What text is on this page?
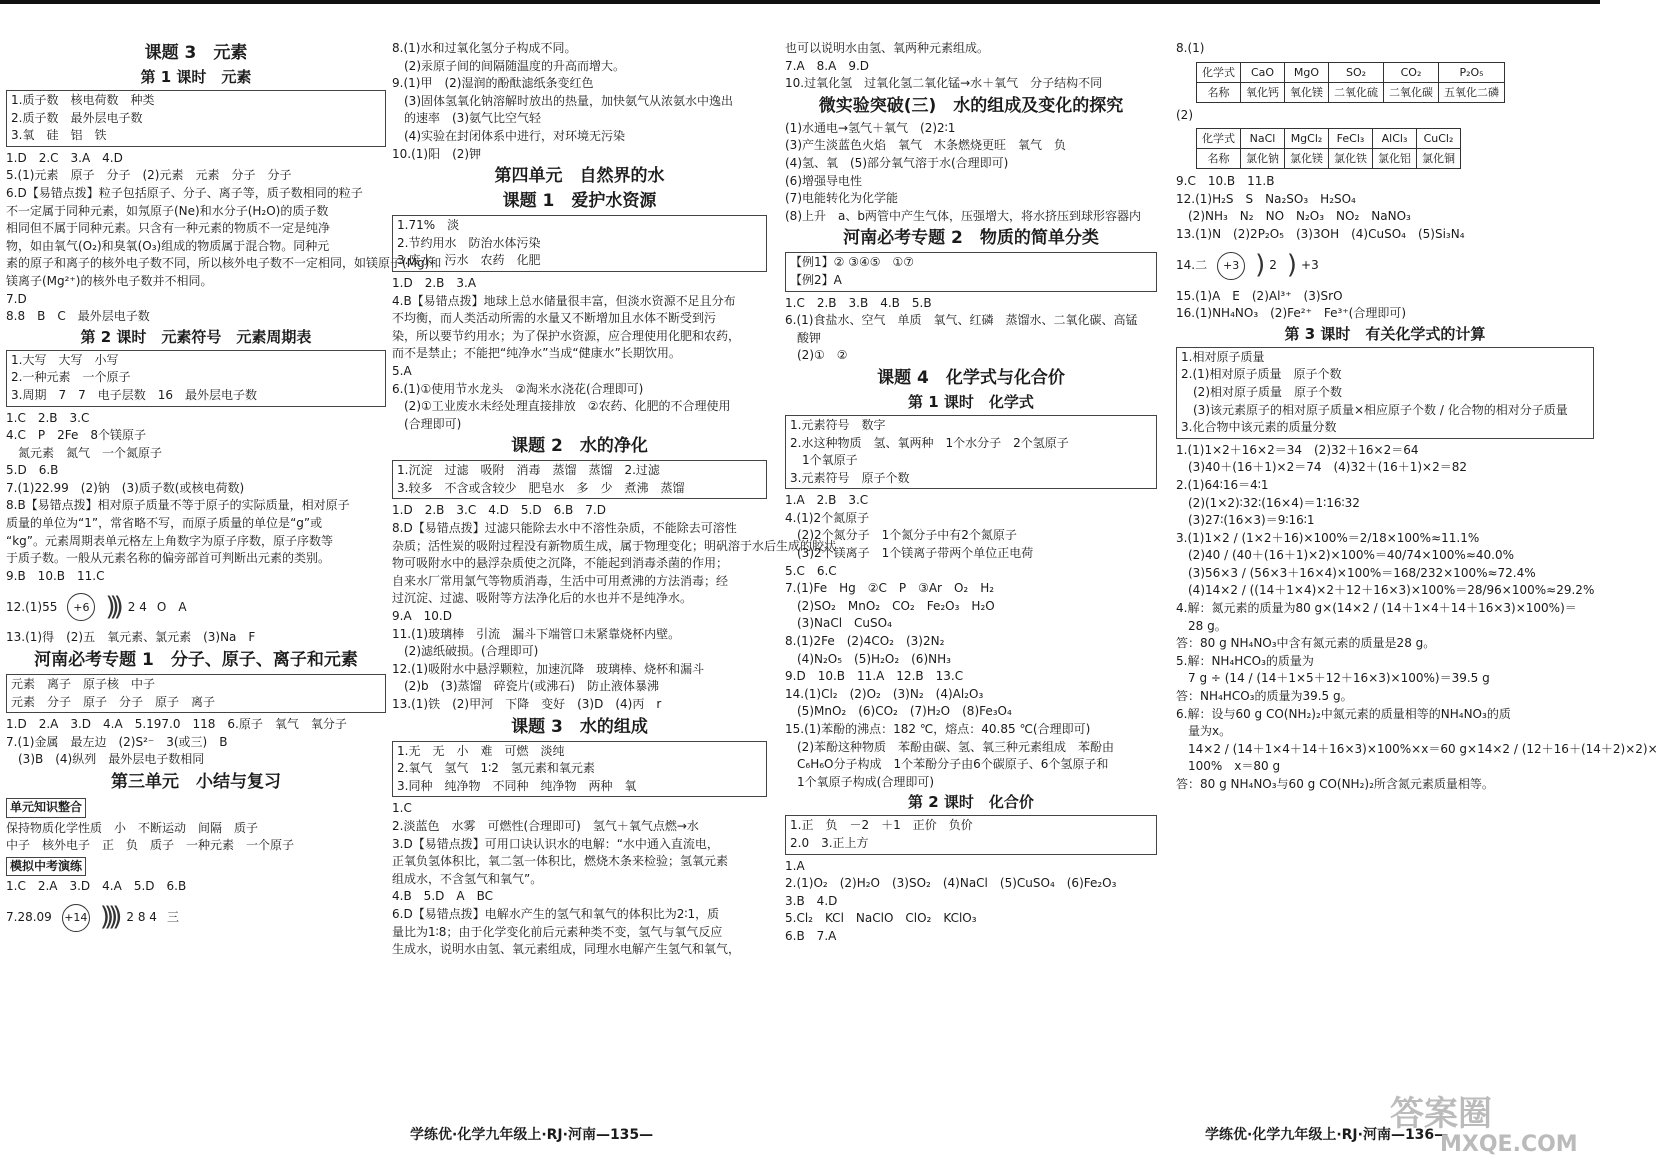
课题 3　元素
第 1 课时　元素
1.质子数　核电荷数　种类
2.质子数　最外层电子数
3.氧　硅　铝　铁
1.D　2.C　3.A　4.D
5.(1)元素　原子　分子　(2)元素　元素　分子　分子
6.D【易错点拨】粒子包括原子、分子、离子等，质子数相同的粒子
不一定属于同种元素，如氖原子(Ne)和水分子(H₂O)的质子数
相同但不属于同种元素。只含有一种元素的物质不一定是纯净
物，如由氧气(O₂)和臭氧(O₃)组成的物质属于混合物。同种元
素的原子和离子的核外电子数不同，所以核外电子数不一定相同，如镁原子(Mg)和
镁离子(Mg²⁺)的核外电子数并不相同。
7.D
8.8　B　C　最外层电子数
第 2 课时　元素符号　元素周期表
1.大写　大写　小写
2.一种元素　一个原子
3.周期　7　7　电子层数　16　最外层电子数
1.C　2.B　3.C
4.C　P　2Fe　8个镁原子
　氮元素　氮气　一个氮原子
5.D　6.B
7.(1)22.99　(2)钠　(3)质子数(或核电荷数)
8.B【易错点拨】相对原子质量不等于原子的实际质量，相对原子
质量的单位为“1”，常省略不写，而原子质量的单位是“g”或
“kg”。元素周期表单元格左上角数字为原子序数，原子序数等
于质子数。一般从元素名称的偏旁部首可判断出元素的类别。
9.B　10.B　11.C
12.(1)55	+6 ))) 2 4 O　A
13.(1)得　(2)五　氧元素、氯元素　(3)Na　F
河南必考专题 1　分子、原子、离子和元素
元素　离子　原子核　中子
元素　分子　原子　分子　原子　离子
1.D　2.A　3.D　4.A　5.197.0　118　6.原子　氧气　氧分子
7.(1)金属　最左边　(2)S²⁻　3(或三)　B
　(3)B　(4)纵列　最外层电子数相同
第三单元　小结与复习
单元知识整合
保持物质化学性质　小　不断运动　间隔　质子
中子　核外电子　正　负　质子　一种元素　一个原子
模拟中考演练
1.C　2.A　3.D　4.A　5.D　6.B
7.28.09 +14 )))) 2 8 4 三
8.(1)水和过氧化氢分子构成不同。
　(2)汞原子间的间隔随温度的升高而增大。
9.(1)甲　(2)湿润的酚酞滤纸条变红色
　(3)固体氢氧化钠溶解时放出的热量，加快氨气从浓氨水中逸出
　的速率　(3)氨气比空气轻
　(4)实验在封闭体系中进行，对环境无污染
10.(1)阳　(2)钾
第四单元　自然界的水
课题 1　爱护水资源
1.71%　淡
2.节约用水　防治水体污染
3.废水　污水　农药　化肥
1.D　2.B　3.A
4.B【易错点拨】地球上总水储量很丰富，但淡水资源不足且分布
不均衡，而人类活动所需的水量又不断增加且水体不断受到污
染，所以要节约用水；为了保护水资源，应合理使用化肥和农药，
而不是禁止；不能把“纯净水”当成“健康水”长期饮用。
5.A
6.(1)①使用节水龙头　②淘米水浇花(合理即可)
　(2)①工业废水未经处理直接排放　②农药、化肥的不合理使用
　(合理即可)
课题 2　水的净化
1.沉淀　过滤　吸附　消毒　蒸馏　蒸馏　2.过滤
3.较多　不含或含较少　肥皂水　多　少　煮沸　蒸馏
1.D　2.B　3.C　4.D　5.D　6.B　7.D
8.D【易错点拨】过滤只能除去水中不溶性杂质，不能除去可溶性
杂质；活性炭的吸附过程没有新物质生成，属于物理变化；明矾溶于水后生成的胶状
物可吸附水中的悬浮杂质使之沉降，不能起到消毒杀菌的作用；
自来水厂常用氯气等物质消毒，生活中可用煮沸的方法消毒；经
过沉淀、过滤、吸附等方法净化后的水也并不是纯净水。
9.A　10.D
11.(1)玻璃棒　引流　漏斗下端管口未紧靠烧杯内壁。
　(2)滤纸破损。(合理即可)
12.(1)吸附水中悬浮颗粒，加速沉降　玻璃棒、烧杯和漏斗
　(2)b　(3)蒸馏　碎瓷片(或沸石)　防止液体暴沸
13.(1)铁　(2)甲河　下降　变好　(3)D　(4)丙　r
课题 3　水的组成
1.无　无　小　难　可燃　淡纯
2.氧气　氢气　1∶2　氢元素和氧元素
3.同种　纯净物　不同种　纯净物　两种　氧
1.C
2.淡蓝色　水雾　可燃性(合理即可)　氢气＋氧气点燃→水
3.D【易错点拨】可用口诀认识水的电解：“水中通入直流电，
正氧负氢体积比，氧二氢一体积比，燃烧木条来检验；氢氧元素
组成水，不含氢气和氧气”。
4.B　5.D　A　BC
6.D【易错点拨】电解水产生的氢气和氧气的体积比为2∶1，质
量比为1∶8；由于化学变化前后元素种类不变，氢气与氧气反应
生成水，说明水由氢、氧元素组成，同理水电解产生氢气和氧气，
也可以说明水由氢、氧两种元素组成。
7.A　8.A　9.D
10.过氧化氢　过氧化氢二氧化锰→水＋氧气　分子结构不同
微实验突破(三)　水的组成及变化的探究
(1)水通电→氢气＋氧气　(2)2∶1
(3)产生淡蓝色火焰　氧气　木条燃烧更旺　氧气　负
(4)氢、氧　(5)部分氧气溶于水(合理即可)
(6)增强导电性
(7)电能转化为化学能
(8)上升　a、b两管中产生气体，压强增大，将水挤压到球形容器内
河南必考专题 2　物质的简单分类
【例1】② ③④⑤　①⑦
【例2】A
1.C　2.B　3.B　4.B　5.B
6.(1)食盐水、空气　单质　氧气、红磷　蒸馏水、二氧化碳、高锰
　酸钾
　(2)①　②
课题 4　化学式与化合价
第 1 课时　化学式
1.元素符号　数字
2.水这种物质　氢、氧两种　1个水分子　2个氢原子
　1个氧原子
3.元素符号　原子个数
1.A　2.B　3.C
4.(1)2个氮原子
　(2)2个氮分子　1个氮分子中有2个氮原子
　(3)2个镁离子　1个镁离子带两个单位正电荷
5.C　6.C
7.(1)Fe　Hg　②C　P　③Ar　O₂　H₂
　(2)SO₂　MnO₂　CO₂　Fe₂O₃　H₂O
　(3)NaCl　CuSO₄
8.(1)2Fe　(2)4CO₂　(3)2N₂
　(4)N₂O₅　(5)H₂O₂　(6)NH₃
9.D　10.B　11.A　12.B　13.C
14.(1)Cl₂　(2)O₂　(3)N₂　(4)Al₂O₃
　(5)MnO₂　(6)CO₂　(7)H₂O　(8)Fe₃O₄
15.(1)苯酚的沸点：182 ℃，熔点：40.85 ℃(合理即可)
　(2)苯酚这种物质　苯酚由碳、氢、氧三种元素组成　苯酚由
　C₆H₆O分子构成　1个苯酚分子由6个碳原子、6个氢原子和
　1个氧原子构成(合理即可)
第 2 课时　化合价
1.正　负　－2　＋1　正价　负价
2.0　3.正上方
1.A
2.(1)O₂　(2)H₂O　(3)SO₂　(4)NaCl　(5)CuSO₄　(6)Fe₂O₃
3.B　4.D
5.Cl₂　KCl　NaClO　ClO₂　KClO₃
6.B　7.A
8.(1)
化学式	CaO	MgO	SO₂	CO₂	P₂O₅
名称	氧化钙	氧化镁	二氧化硫	二氧化碳	五氧化二磷
(2)
化学式	NaCl	MgCl₂	FeCl₃	AlCl₃	CuCl₂
名称	氯化钠	氯化镁	氯化铁	氯化铝	氯化铜
9.C　10.B　11.B
12.(1)H₂S　S　Na₂SO₃　H₂SO₄
　(2)NH₃　N₂　NO　N₂O₃　NO₂　NaNO₃
13.(1)N　(2)2P₂O₅　(3)3OH　(4)CuSO₄　(5)Si₃N₄
14.二	+3 ) 2 ) +3
15.(1)A　E　(2)Al³⁺　(3)SrO
16.(1)NH₄NO₃　(2)Fe²⁺　Fe³⁺(合理即可)
第 3 课时　有关化学式的计算
1.相对原子质量
2.(1)相对原子质量　原子个数
　(2)相对原子质量　原子个数
　(3)该元素原子的相对原子质量×相应原子个数 / 化合物的相对分子质量
3.化合物中该元素的质量分数
1.(1)1×2＋16×2＝34　(2)32＋16×2＝64
　(3)40＋(16＋1)×2＝74　(4)32＋(16＋1)×2＝82
2.(1)64∶16＝4∶1
　(2)(1×2)∶32∶(16×4)＝1∶16∶32
　(3)27∶(16×3)＝9∶16∶1
3.(1)1×2 / (1×2＋16)×100%＝2/18×100%≈11.1%
　(2)40 / (40＋(16＋1)×2)×100%＝40/74×100%≈40.0%
　(3)56×3 / (56×3＋16×4)×100%＝168/232×100%≈72.4%
　(4)14×2 / ((14＋1×4)×2＋12＋16×3)×100%＝28/96×100%≈29.2%
4.解：氮元素的质量为80 g×(14×2 / (14＋1×4＋14＋16×3)×100%)＝
　28 g。
答：80 g NH₄NO₃中含有氮元素的质量是28 g。
5.解：NH₄HCO₃的质量为
　7 g ÷ (14 / (14＋1×5＋12＋16×3)×100%)＝39.5 g
答：NH₄HCO₃的质量为39.5 g。
6.解：设与60 g CO(NH₂)₂中氮元素的质量相等的NH₄NO₃的质
　量为x。
　14×2 / (14＋1×4＋14＋16×3)×100%×x＝60 g×14×2 / (12＋16＋(14＋2)×2)×
　100%　x＝80 g
答：80 g NH₄NO₃与60 g CO(NH₂)₂所含氮元素质量相等。
学练优·化学九年级上·RJ·河南—135—	学练优·化学九年级上·RJ·河南—136—
答案圈
MXQE.COM
